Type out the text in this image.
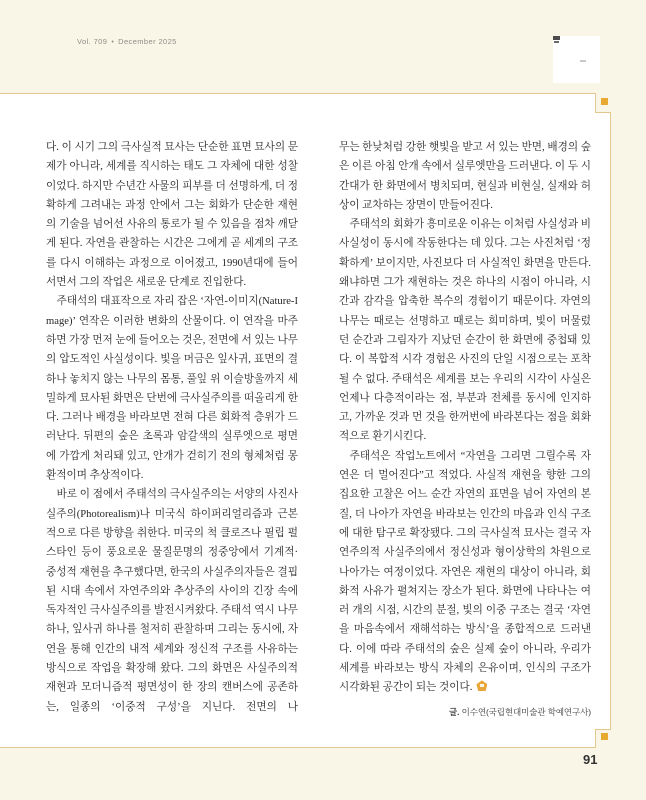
Vol. 709 • December 2025

다. 이 시기 그의 극사실적 묘사는 단순한 표면 묘사의 문제가 아니라, 세계를 직시하는 태도 그 자체에 대한 성찰이었다. 하지만 수년간 사물의 피부를 더 선명하게, 더 정확하게 그려내는 과정 안에서 그는 회화가 단순한 재현의 기술을 넘어선 사유의 통로가 될 수 있음을 점차 깨닫게 된다. 자연을 관찰하는 시간은 그에게 곧 세계의 구조를 다시 이해하는 과정으로 이어졌고, 1990년대에 들어서면서 그의 작업은 새로운 단계로 진입한다.

주태석의 대표작으로 자리 잡은 ‘자연-이미지(Nature-Image)’ 연작은 이러한 변화의 산물이다. 이 연작을 마주하면 가장 먼저 눈에 들어오는 것은, 전면에 서 있는 나무의 압도적인 사실성이다. 빛을 머금은 잎사귀, 표면의 결 하나 놓치지 않는 나무의 몸통, 풀잎 위 이슬방울까지 세밀하게 묘사된 화면은 단번에 극사실주의를 떠올리게 한다. 그러나 배경을 바라보면 전혀 다른 회화적 층위가 드러난다. 뒤편의 숲은 초록과 암갈색의 실루엣으로 평면에 가깝게 처리돼 있고, 안개가 걷히기 전의 형체처럼 몽환적이며 추상적이다.

바로 이 점에서 주태석의 극사실주의는 서양의 사진사실주의(Photorealism)나 미국식 하이퍼리얼리즘과 근본적으로 다른 방향을 취한다. 미국의 척 클로즈나 필립 펄스타인 등이 풍요로운 물질문명의 정중앙에서 기계적·중성적 재현을 추구했다면, 한국의 사실주의자들은 결핍된 시대 속에서 자연주의와 추상주의 사이의 긴장 속에 독자적인 극사실주의를 발전시켜왔다. 주태석 역시 나무 하나, 잎사귀 하나를 철저히 관찰하며 그리는 동시에, 자연을 통해 인간의 내적 세계와 정신적 구조를 사유하는 방식으로 작업을 확장해 왔다. 그의 화면은 사실주의적 재현과 모더니즘적 평면성이 한 장의 캔버스에 공존하는, 일종의 ‘이중적 구성’을 지닌다. 전면의 나

무는 한낮처럼 강한 햇빛을 받고 서 있는 반면, 배경의 숲은 이른 아침 안개 속에서 실루엣만을 드러낸다. 이 두 시간대가 한 화면에서 병치되며, 현실과 비현실, 실재와 허상이 교차하는 장면이 만들어진다.

주태석의 회화가 흥미로운 이유는 이처럼 사실성과 비사실성이 동시에 작동한다는 데 있다. 그는 사진처럼 ‘정확하게’ 보이지만, 사진보다 더 사실적인 화면을 만든다. 왜냐하면 그가 재현하는 것은 하나의 시점이 아니라, 시간과 감각을 압축한 복수의 경험이기 때문이다. 자연의 나무는 때로는 선명하고 때로는 희미하며, 빛이 머물렀던 순간과 그림자가 지났던 순간이 한 화면에 중첩돼 있다. 이 복합적 시각 경험은 사진의 단일 시점으로는 포착될 수 없다. 주태석은 세계를 보는 우리의 시각이 사실은 언제나 다층적이라는 점, 부분과 전체를 동시에 인지하고, 가까운 것과 먼 것을 한꺼번에 바라본다는 점을 회화적으로 환기시킨다.

주태석은 작업노트에서 “자연을 그리면 그릴수록 자연은 더 멀어진다”고 적었다. 사실적 재현을 향한 그의 집요한 고찰은 어느 순간 자연의 표면을 넘어 자연의 본질, 더 나아가 자연을 바라보는 인간의 마음과 인식 구조에 대한 탐구로 확장됐다. 그의 극사실적 묘사는 결국 자연주의적 사실주의에서 정신성과 형이상학의 차원으로 나아가는 여정이었다. 자연은 재현의 대상이 아니라, 회화적 사유가 펼쳐지는 장소가 된다. 화면에 나타나는 여러 개의 시점, 시간의 분절, 빛의 이중 구조는 결국 ‘자연을 마음속에서 재해석하는 방식’을 종합적으로 드러낸다. 이에 따라 주태석의 숲은 실제 숲이 아니라, 우리가 세계를 바라보는 방식 자체의 은유이며, 인식의 구조가 시각화된 공간이 되는 것이다.

글. 이수연(국립현대미술관 학예연구사)
91
